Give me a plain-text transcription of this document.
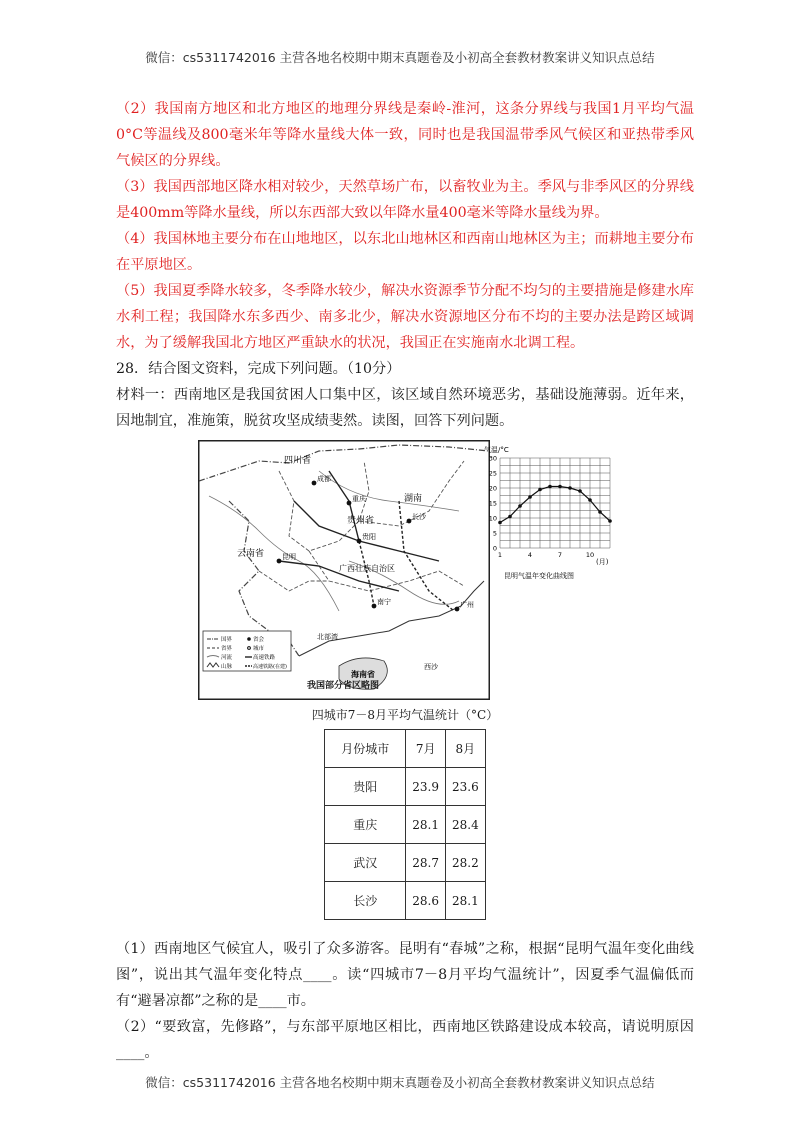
微信：cs5311742016 主营各地名校期中期末真题卷及小初高全套教材教案讲义知识点总结

（2）我国南方地区和北方地区的地理分界线是秦岭-淮河，这条分界线与我国1月平均气温0°C等温线及800毫米年等降水量线大体一致，同时也是我国温带季风气候区和亚热带季风气候区的分界线。

（3）我国西部地区降水相对较少，天然草场广布，以畜牧业为主。季风与非季风区的分界线是400mm等降水量线，所以东西部大致以年降水量400毫米等降水量线为界。

（4）我国林地主要分布在山地地区，以东北山地林区和西南山地林区为主；而耕地主要分布在平原地区。

（5）我国夏季降水较多，冬季降水较少，解决水资源季节分配不均匀的主要措施是修建水库水利工程；我国降水东多西少、南多北少，解决水资源地区分布不均的主要办法是跨区域调水，为了缓解我国北方地区严重缺水的状况，我国正在实施南水北调工程。

28．结合图文资料，完成下列问题。（10分）

材料一：西南地区是我国贫困人口集中区，该区域自然环境恶劣，基础设施薄弱。近年来，因地制宜，准施策，脱贫攻坚成绩斐然。读图，回答下列问题。

四川省
成都
重庆
贵州省
贵阳
湖南
长沙
云南省	昆明
广西壮族自治区
南宁	广州
北部湾
海南省
西沙
国界
省界
河流
山脉
省会
城市
高速铁路
高速铁路(在建)
我国部分省区略图
气温/°C
0
5
10
15
20
25
30
1	4	7	10
(月)
昆明气温年变化曲线图
四城市7－8月平均气温统计（°C）
月份城市	7月	8月
贵阳	23.9	23.6
重庆	28.1	28.4
武汉	28.7	28.2
长沙	28.6	28.1

（1）西南地区气候宜人，吸引了众多游客。昆明有“春城”之称，根据“昆明气温年变化曲线图”，说出其气温年变化特点____。读“四城市7－8月平均气温统计”，因夏季气温偏低而有“避暑凉都”之称的是____市。

（2）“要致富，先修路”，与东部平原地区相比，西南地区铁路建设成本较高，请说明原因____。

微信：cs5311742016 主营各地名校期中期末真题卷及小初高全套教材教案讲义知识点总结
